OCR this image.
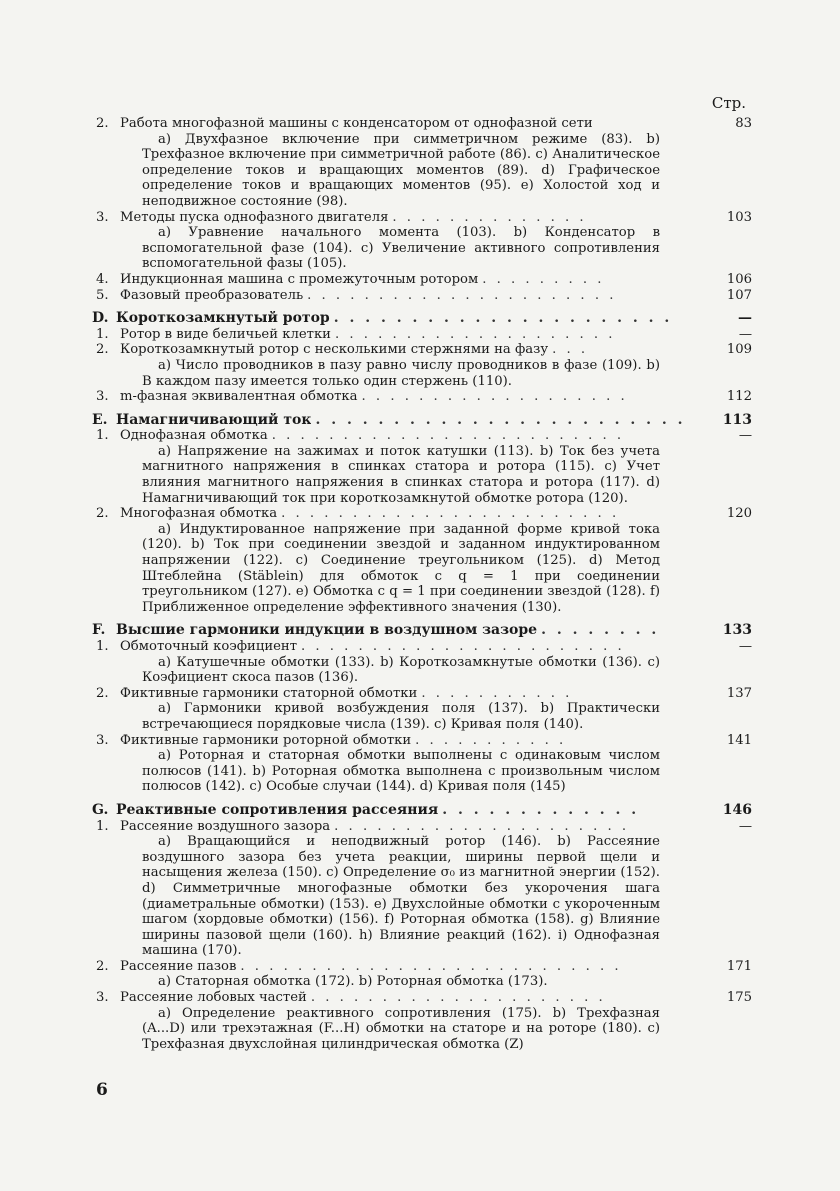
Стр.
2. Работа многофазной машины с конденсатором от однофазной сети	83
а) Двухфазное включение при симметричном режиме (83). b) Трехфазное включение при симметричной работе (86). c) Аналитическое определение токов и вращающих моментов (89). d) Графическое определение токов и вращающих моментов (95). e) Холостой ход и неподвижное состояние (98).
3. Методы пуска однофазного двигателя . . . . . . . . . . . . . .	103
а) Уравнение начального момента (103). b) Конденсатор в вспомогательной фазе (104). c) Увеличение активного сопротивления вспомогательной фазы (105).
4. Индукционная машина с промежуточным ротором . . . . . . . . .	106
5. Фазовый преобразователь . . . . . . . . . . . . . . . . . . . . . .	107
D. Короткозамкнутый ротор . . . . . . . . . . . . . . . . . . . . . .	—
1. Ротор в виде беличьей клетки . . . . . . . . . . . . . . . . . . . .	—
2. Короткозамкнутый ротор с несколькими стержнями на фазу . . .	109
а) Число проводников в пазу равно числу проводников в фазе (109). b) В каждом пазу имеется только один стержень (110).
3. m-фазная эквивалентная обмотка . . . . . . . . . . . . . . . . . . .	112
E. Намагничивающий ток . . . . . . . . . . . . . . . . . . . . . . . .	113
1. Однофазная обмотка . . . . . . . . . . . . . . . . . . . . . . . . .	—
а) Напряжение на зажимах и поток катушки (113). b) Ток без учета магнитного напряжения в спинках статора и ротора (115). c) Учет влияния магнитного напряжения в спинках статора и ротора (117). d) Намагничивающий ток при короткозамкнутой обмотке ротора (120).
2. Многофазная обмотка . . . . . . . . . . . . . . . . . . . . . . . .	120
а) Индуктированное напряжение при заданной форме кривой тока (120). b) Ток при соединении звездой и заданном индуктированном напряжении (122). c) Соединение треугольником (125). d) Метод Штеблейна (Stäblein) для обмоток с q = 1 при соединении треугольником (127). e) Обмотка с q = 1 при соединении звездой (128). f) Приближенное определение эффективного значения (130).
F. Высшие гармоники индукции в воздушном зазоре . . . . . . . .	133
1. Обмоточный коэфициент . . . . . . . . . . . . . . . . . . . . . . .	—
а) Катушечные обмотки (133). b) Короткозамкнутые обмотки (136). c) Коэфициент скоса пазов (136).
2. Фиктивные гармоники статорной обмотки . . . . . . . . . . .	137
а) Гармоники кривой возбуждения поля (137). b) Практически встречающиеся порядковые числа (139). c) Кривая поля (140).
3. Фиктивные гармоники роторной обмотки . . . . . . . . . . .	141
а) Роторная и статорная обмотки выполнены с одинаковым числом полюсов (141). b) Роторная обмотка выполнена с произвольным числом полюсов (142). c) Особые случаи (144). d) Кривая поля (145)
G. Реактивные сопротивления рассеяния . . . . . . . . . . . . .	146
1. Рассеяние воздушного зазора . . . . . . . . . . . . . . . . . . . . .	—
а) Вращающийся и неподвижный ротор (146). b) Рассеяние воздушного зазора без учета реакции, ширины первой щели и насыщения железа (150). c) Определение σ₀ из магнитной энергии (152). d) Симметричные многофазные обмотки без укорочения шага (диаметральные обмотки) (153). e) Двухслойные обмотки с укороченным шагом (хордовые обмотки) (156). f) Роторная обмотка (158). g) Влияние ширины пазовой щели (160). h) Влияние реакций (162). i) Однофазная машина (170).
2. Рассеяние пазов . . . . . . . . . . . . . . . . . . . . . . . . . . .	171
а) Статорная обмотка (172). b) Роторная обмотка (173).
3. Рассеяние лобовых частей . . . . . . . . . . . . . . . . . . . . .	175
а) Определение реактивного сопротивления (175). b) Трехфазная (A...D) или трехэтажная (F...H) обмотки на статоре и на роторе (180). c) Трехфазная двухслойная цилиндрическая обмотка (Z)
6
